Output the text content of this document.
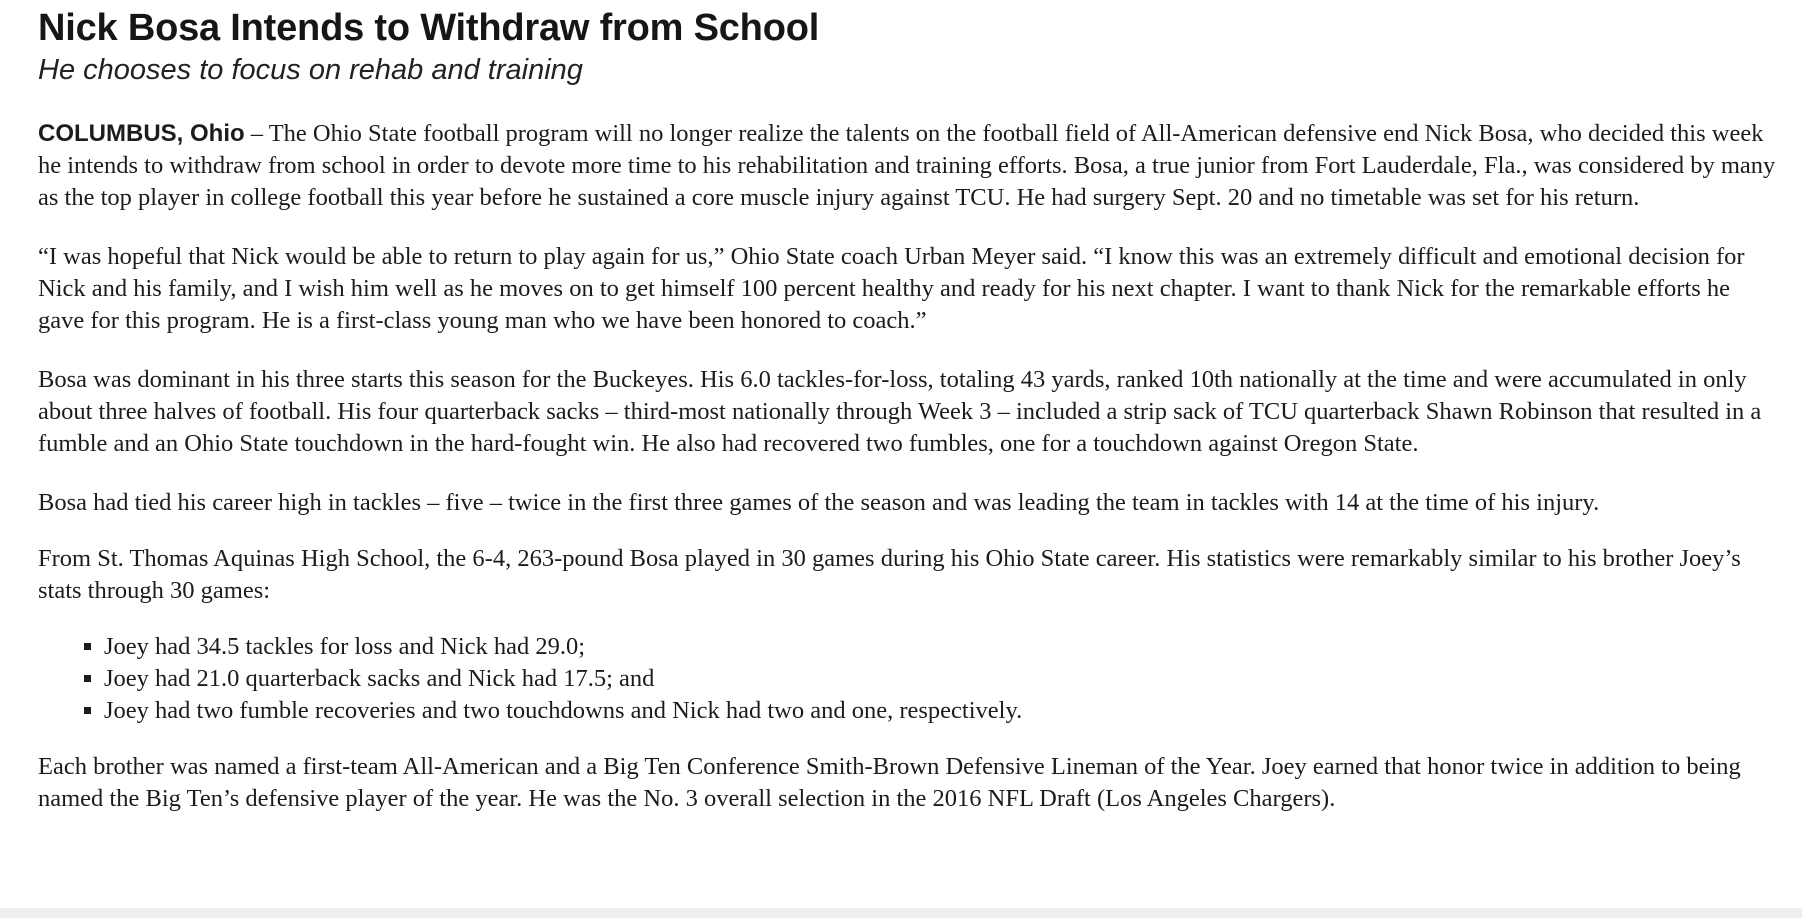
Nick Bosa Intends to Withdraw from School
He chooses to focus on rehab and training

COLUMBUS, Ohio – The Ohio State football program will no longer realize the talents on the football field of All-American defensive end Nick Bosa, who decided this week he intends to withdraw from school in order to devote more time to his rehabilitation and training efforts. Bosa, a true junior from Fort Lauderdale, Fla., was considered by many as the top player in college football this year before he sustained a core muscle injury against TCU. He had surgery Sept. 20 and no timetable was set for his return.

“I was hopeful that Nick would be able to return to play again for us,” Ohio State coach Urban Meyer said. “I know this was an extremely difficult and emotional decision for Nick and his family, and I wish him well as he moves on to get himself 100 percent healthy and ready for his next chapter. I want to thank Nick for the remarkable efforts he gave for this program. He is a first-class young man who we have been honored to coach.”

Bosa was dominant in his three starts this season for the Buckeyes. His 6.0 tackles-for-loss, totaling 43 yards, ranked 10th nationally at the time and were accumulated in only about three halves of football. His four quarterback sacks – third-most nationally through Week 3 – included a strip sack of TCU quarterback Shawn Robinson that resulted in a fumble and an Ohio State touchdown in the hard-fought win. He also had recovered two fumbles, one for a touchdown against Oregon State.

Bosa had tied his career high in tackles – five – twice in the first three games of the season and was leading the team in tackles with 14 at the time of his injury.

From St. Thomas Aquinas High School, the 6-4, 263-pound Bosa played in 30 games during his Ohio State career. His statistics were remarkably similar to his brother Joey’s stats through 30 games:

Joey had 34.5 tackles for loss and Nick had 29.0;
Joey had 21.0 quarterback sacks and Nick had 17.5; and
Joey had two fumble recoveries and two touchdowns and Nick had two and one, respectively.

Each brother was named a first-team All-American and a Big Ten Conference Smith-Brown Defensive Lineman of the Year. Joey earned that honor twice in addition to being named the Big Ten’s defensive player of the year. He was the No. 3 overall selection in the 2016 NFL Draft (Los Angeles Chargers).
